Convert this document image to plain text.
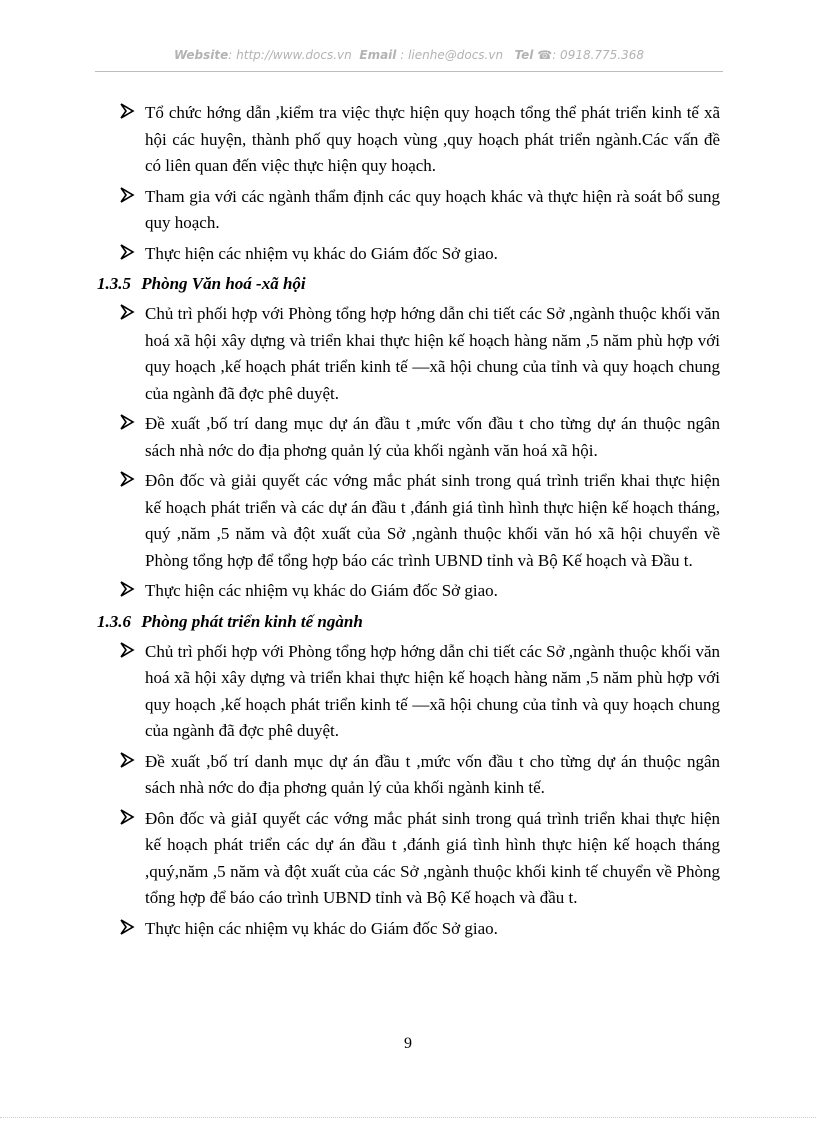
Website: http://www.docs.vn Email : lienhe@docs.vn Tel ☎: 0918.775.368
Tổ chức hớng dẫn ,kiểm tra việc thực hiện quy hoạch tổng thể phát triển kinh tế xã hội các huyện, thành phố quy hoạch vùng ,quy hoạch phát triển ngành.Các vấn đề có liên quan đến việc thực hiện quy hoạch.
Tham gia với các ngành thẩm định các quy hoạch khác và thực hiện rà soát bổ sung quy hoạch.
Thực hiện các nhiệm vụ khác do Giám đốc Sở giao.
1.3.5 Phòng Văn hoá -xã hội
Chủ trì phối hợp với Phòng tổng hợp hớng dẫn chi tiết các Sở ,ngành thuộc khối văn hoá xã hội xây dựng và triển khai thực hiện kế hoạch hàng năm ,5 năm phù hợp với quy hoạch ,kế hoạch phát triển kinh tế —xã hội chung của tỉnh và quy hoạch chung của ngành đã đợc phê duyệt.
Đề xuất ,bố trí dang mục dự án đầu t ,mức vốn đầu t cho từng dự án thuộc ngân sách nhà nớc do địa phơng quản lý của khối ngành văn hoá xã hội.
Đôn đốc và giải quyết các vớng mắc phát sinh trong quá trình triển khai thực hiện kế hoạch phát triển và các dự án đầu t ,đánh giá tình hình thực hiện kế hoạch tháng, quý ,năm ,5 năm và đột xuất của Sở ,ngành thuộc khối văn hó xã hội chuyển về Phòng tổng hợp để tổng hợp báo các trình UBND tỉnh và Bộ Kế hoạch và Đầu t.
Thực hiện các nhiệm vụ khác do Giám đốc Sở giao.
1.3.6 Phòng phát triển kinh tế ngành
Chủ trì phối hợp với Phòng tổng hợp hớng dẫn chi tiết các Sở ,ngành thuộc khối văn hoá xã hội xây dựng và triển khai thực hiện kế hoạch hàng năm ,5 năm phù hợp với quy hoạch ,kế hoạch phát triển kinh tế —xã hội chung của tỉnh và quy hoạch chung của ngành đã đợc phê duyệt.
Đề xuất ,bố trí danh mục dự án đầu t ,mức vốn đầu t cho từng dự án thuộc ngân sách nhà nớc do địa phơng quản lý của khối ngành kinh tế.
Đôn đốc và giảI quyết các vớng mắc phát sinh trong quá trình triển khai thực hiện kế hoạch phát triển các dự án đầu t ,đánh giá tình hình thực hiện kế hoạch tháng ,quý,năm ,5 năm và đột xuất của các Sở ,ngành thuộc khối kinh tế chuyển về Phòng tổng hợp để báo cáo trình UBND tỉnh và Bộ Kế hoạch và đầu t.
Thực hiện các nhiệm vụ khác do Giám đốc Sở giao.
9
